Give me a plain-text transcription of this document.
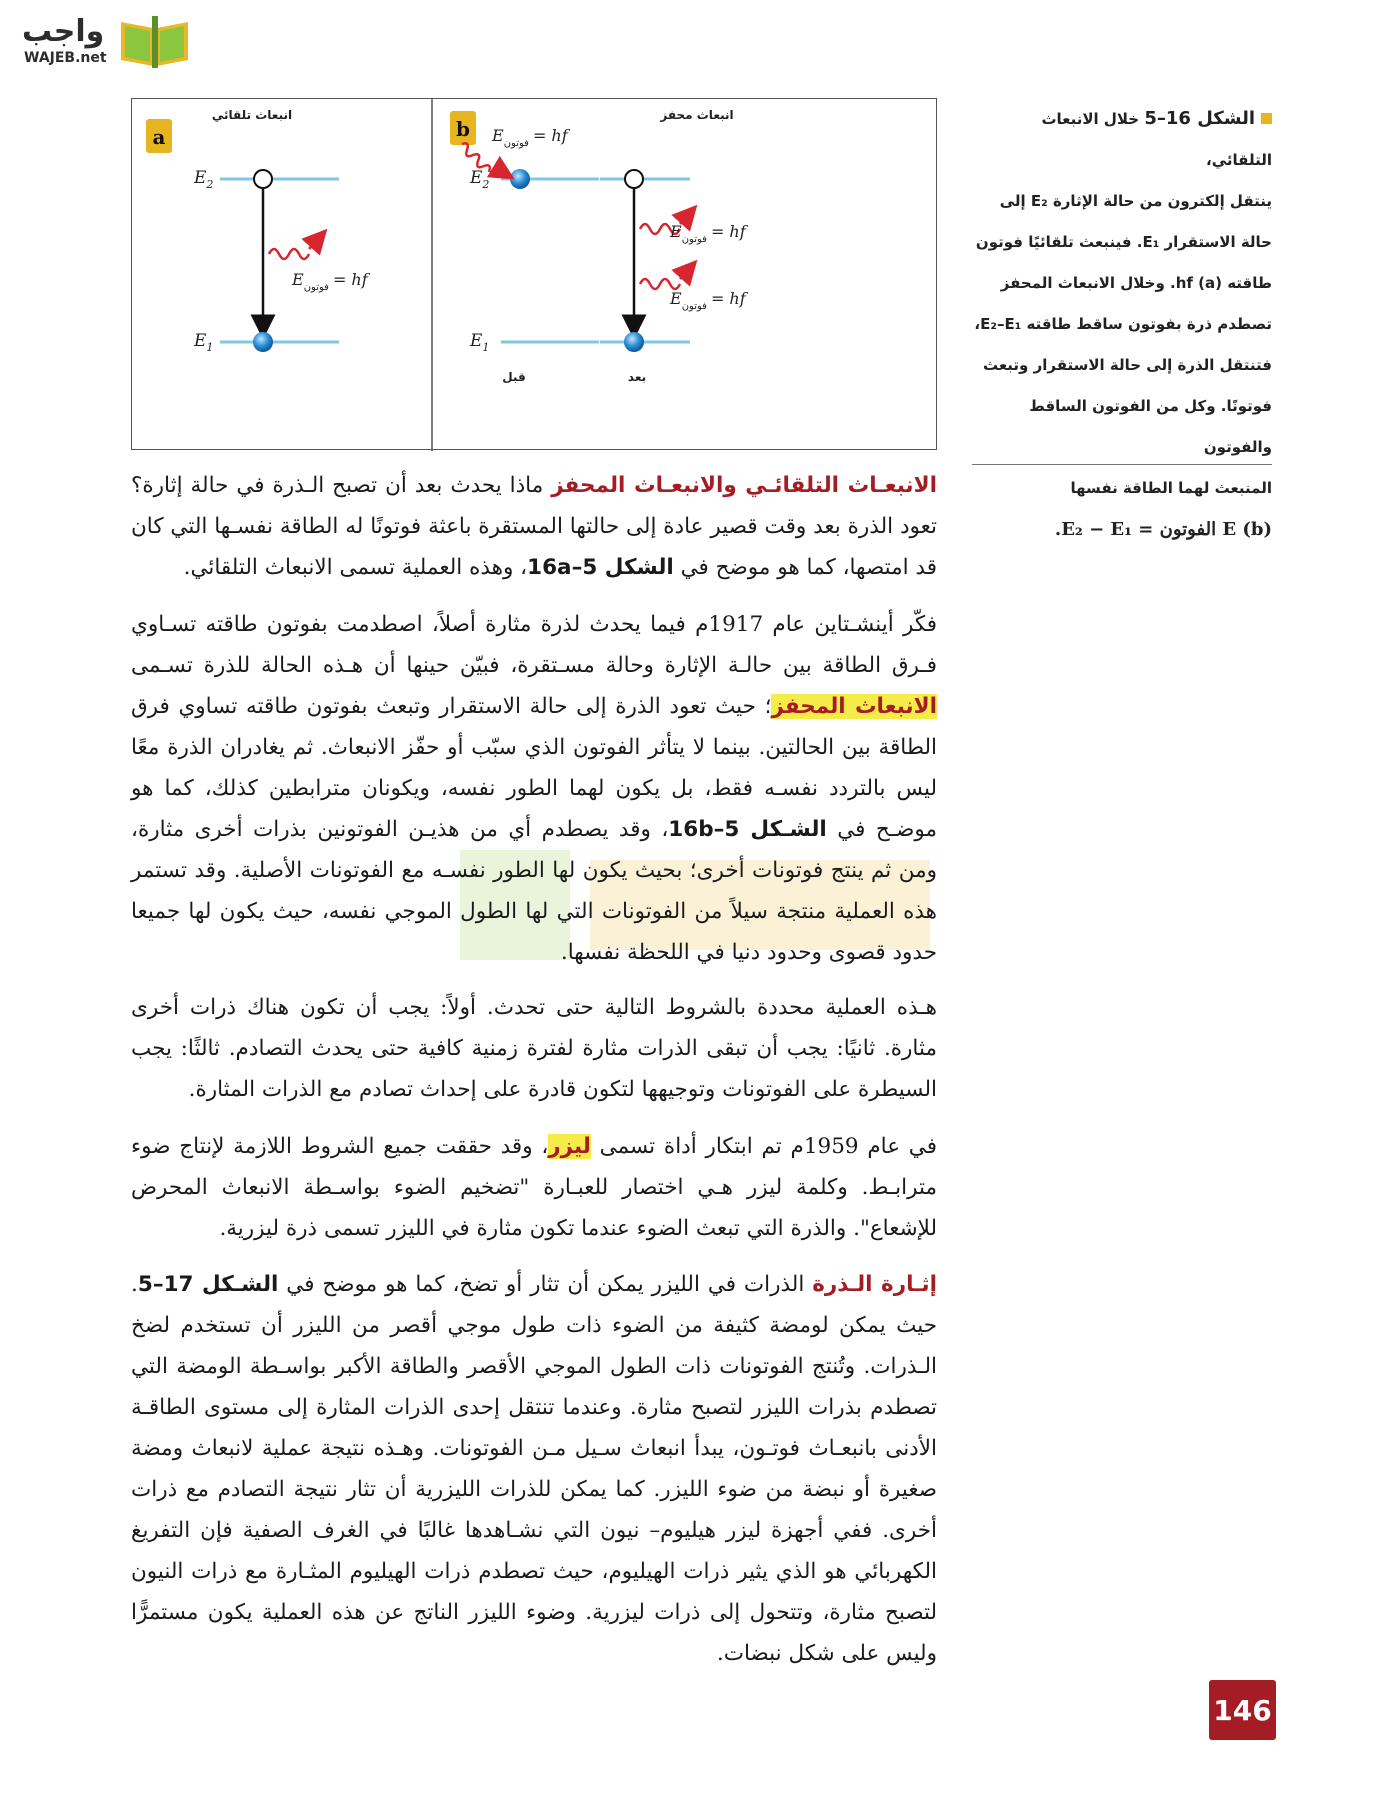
واجب
WAJEB.net
a
انبعاث تلقائي
$E_2$
$E_1$
$E_{فوتون}$ = hf
b
انبعاث محفز
$E_2$
$E_1$
$E_{فوتون}$ = hf
قبل
$E_{فوتون}$ = hf
$E_{فوتون}$ = hf
بعد
الشكل 16–5 خلال الانبعاث التلقائي،
ينتقل إلكترون من حالة الإثارة E₂ إلى
حالة الاستقرار E₁. فينبعث تلقائيًا فوتون
طاقته hf (a). وخلال الانبعاث المحفز
تصطدم ذرة بفوتون ساقط طاقته E₂–E₁،
فتنتقل الذرة إلى حالة الاستقرار وتبعث
فوتونًا. وكل من الفوتون الساقط والفوتون
المنبعث لهما الطاقة نفسها
(b) E الفوتون = E₂ − E₁.
الانبعـاث التلقائـي والانبعـاث المحفز ماذا يحدث بعد أن تصبح الـذرة في حالة إثارة؟ تعود الذرة بعد وقت قصير عادة إلى حالتها المستقرة باعثة فوتونًا له الطاقة نفسـها التي كان قد امتصها، كما هو موضح في الشكل 16a–5، وهذه العملية تسمى الانبعاث التلقائي.
فكّر أينشـتاين عام 1917م فيما يحدث لذرة مثارة أصلاً، اصطدمت بفوتون طاقته تسـاوي فـرق الطاقة بين حالـة الإثارة وحالة مسـتقرة، فبيّن حينها أن هـذه الحالة للذرة تسـمى الانبعاث المحفز؛ حيث تعود الذرة إلى حالة الاستقرار وتبعث بفوتون طاقته تساوي فرق الطاقة بين الحالتين. بينما لا يتأثر الفوتون الذي سبّب أو حفّز الانبعاث. ثم يغادران الذرة معًا ليس بالتردد نفسـه فقط، بل يكون لهما الطور نفسه، ويكونان مترابطين كذلك، كما هو موضـح في الشـكل 16b–5، وقد يصطدم أي من هذيـن الفوتونين بذرات أخرى مثارة، ومن ثم ينتج فوتونات أخرى؛ بحيث يكون لها الطور نفسـه مع الفوتونات الأصلية. وقد تستمر هذه العملية منتجة سيلاً من الفوتونات التي لها الطول الموجي نفسه، حيث يكون لها جميعا حدود قصوى وحدود دنيا في اللحظة نفسها.
هـذه العملية محددة بالشروط التالية حتى تحدث. أولاً: يجب أن تكون هناك ذرات أخرى مثارة. ثانيًا: يجب أن تبقى الذرات مثارة لفترة زمنية كافية حتى يحدث التصادم. ثالثًا: يجب السيطرة على الفوتونات وتوجيهها لتكون قادرة على إحداث تصادم مع الذرات المثارة.
في عام 1959م تم ابتكار أداة تسمى ليزر، وقد حققت جميع الشروط اللازمة لإنتاج ضوء مترابـط. وكلمة ليزر هـي اختصار للعبـارة "تضخيم الضوء بواسـطة الانبعاث المحرض للإشعاع". والذرة التي تبعث الضوء عندما تكون مثارة في الليزر تسمى ذرة ليزرية.
إثـارة الـذرة الذرات في الليزر يمكن أن تثار أو تضخ، كما هو موضح في الشـكل 17–5. حيث يمكن لومضة كثيفة من الضوء ذات طول موجي أقصر من الليزر أن تستخدم لضخ الـذرات. وتُنتج الفوتونات ذات الطول الموجي الأقصر والطاقة الأكبر بواسـطة الومضة التي تصطدم بذرات الليزر لتصبح مثارة. وعندما تنتقل إحدى الذرات المثارة إلى مستوى الطاقـة الأدنى بانبعـاث فوتـون، يبدأ انبعاث سـيل مـن الفوتونات. وهـذه نتيجة عملية لانبعاث ومضة صغيرة أو نبضة من ضوء الليزر. كما يمكن للذرات الليزرية أن تثار نتيجة التصادم مع ذرات أخرى. ففي أجهزة ليزر هيليوم– نيون التي نشـاهدها غالبًا في الغرف الصفية فإن التفريغ الكهربائي هو الذي يثير ذرات الهيليوم، حيث تصطدم ذرات الهيليوم المثـارة مع ذرات النيون لتصبح مثارة، وتتحول إلى ذرات ليزرية. وضوء الليزر الناتج عن هذه العملية يكون مستمرًّا وليس على شكل نبضات.
146
